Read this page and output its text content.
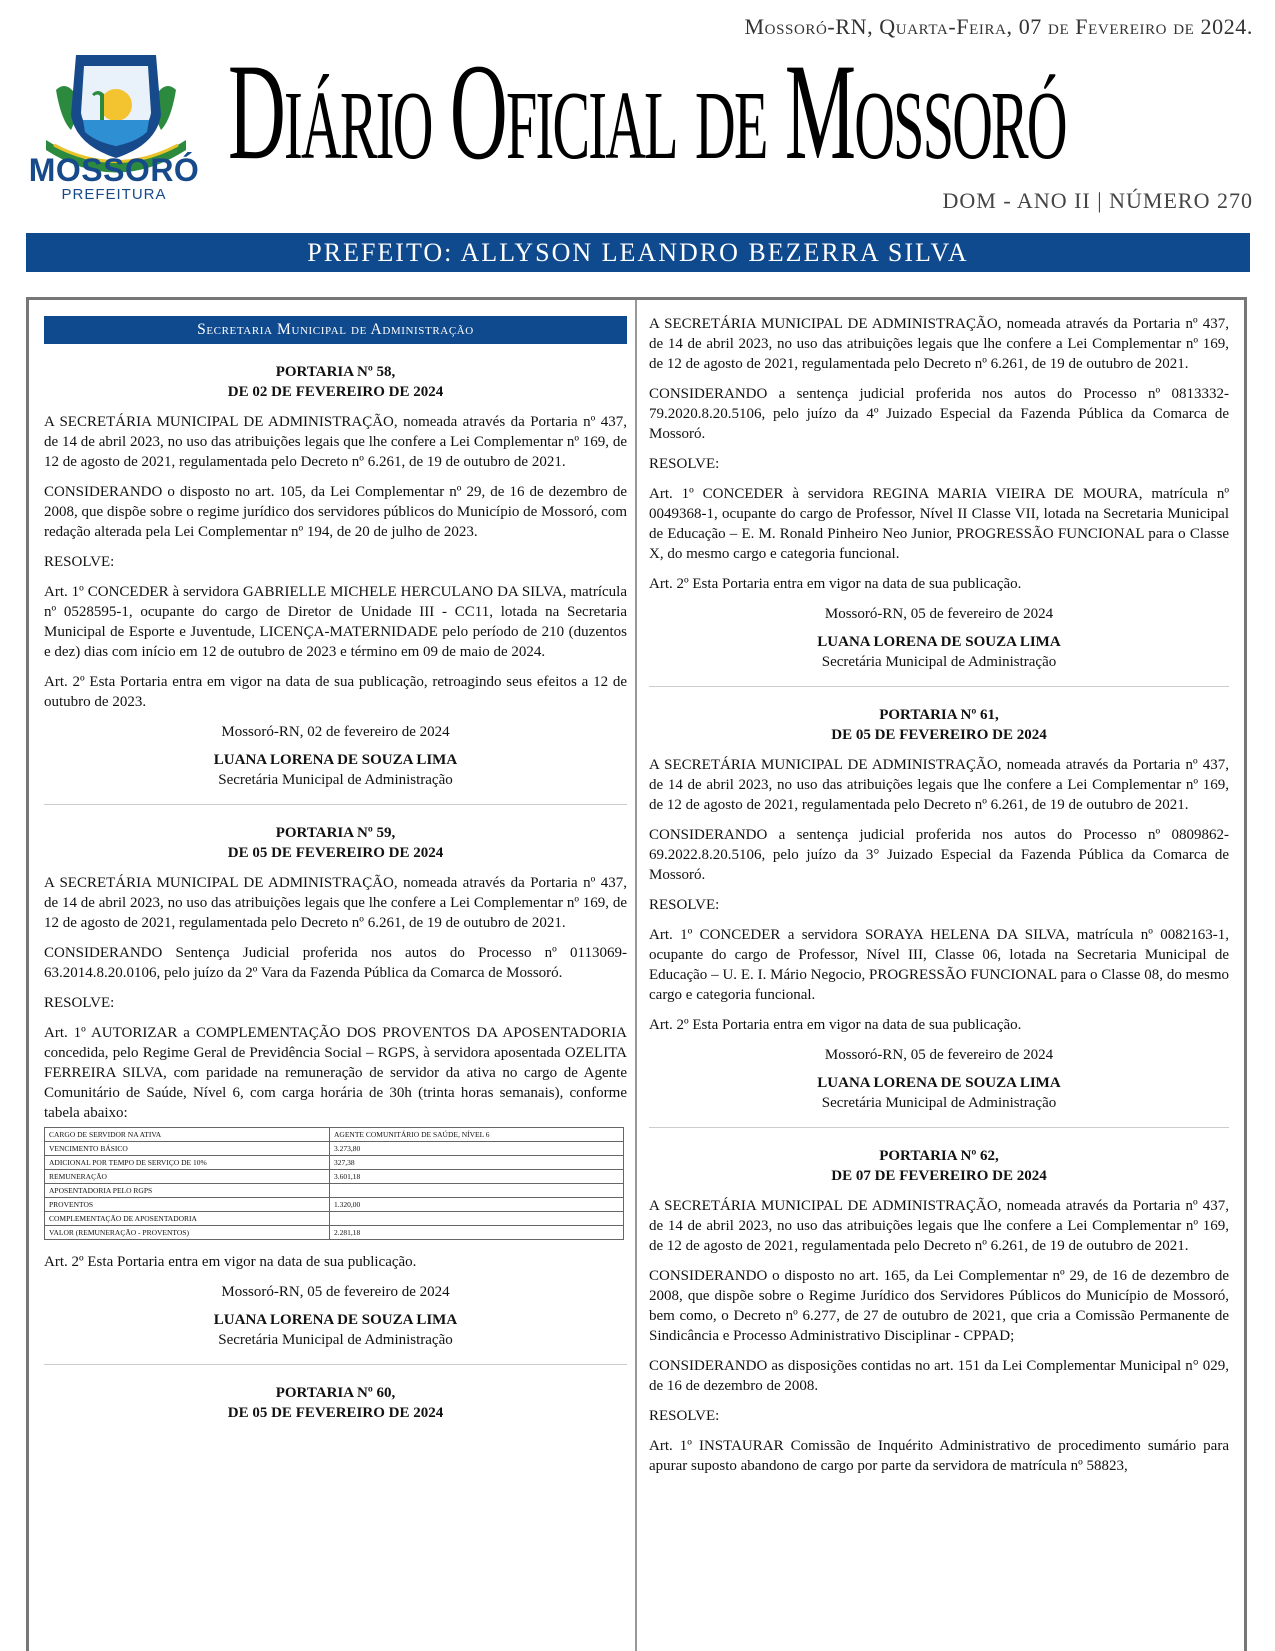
Mossoró-RN, Quarta-Feira, 07 de Fevereiro de 2024.
MOSSORÓ
PREFEITURA
Diário Oficial de Mossoró
DOM - ANO II | NÚMERO 270
PREFEITO: ALLYSON LEANDRO BEZERRA SILVA
Secretaria Municipal de Administração
PORTARIA Nº 58,
DE 02 DE FEVEREIRO DE 2024

A SECRETÁRIA MUNICIPAL DE ADMINISTRAÇÃO, nomeada através da Portaria nº 437, de 14 de abril 2023, no uso das atribuições legais que lhe confere a Lei Complementar nº 169, de 12 de agosto de 2021, regulamentada pelo Decreto nº 6.261, de 19 de outubro de 2021.

CONSIDERANDO o disposto no art. 105, da Lei Complementar nº 29, de 16 de dezembro de 2008, que dispõe sobre o regime jurídico dos servidores públicos do Município de Mossoró, com redação alterada pela Lei Complementar nº 194, de 20 de julho de 2023.

RESOLVE:

Art. 1º CONCEDER à servidora GABRIELLE MICHELE HERCULANO DA SILVA, matrícula nº 0528595-1, ocupante do cargo de Diretor de Unidade III - CC11, lotada na Secretaria Municipal de Esporte e Juventude, LICENÇA-MATERNIDADE pelo período de 210 (duzentos e dez) dias com início em 12 de outubro de 2023 e término em 09 de maio de 2024.

Art. 2º Esta Portaria entra em vigor na data de sua publicação, retroagindo seus efeitos a 12 de outubro de 2023.

Mossoró-RN, 02 de fevereiro de 2024
LUANA LORENA DE SOUZA LIMA
Secretária Municipal de Administração
PORTARIA Nº 59,
DE 05 DE FEVEREIRO DE 2024

A SECRETÁRIA MUNICIPAL DE ADMINISTRAÇÃO, nomeada através da Portaria nº 437, de 14 de abril 2023, no uso das atribuições legais que lhe confere a Lei Complementar nº 169, de 12 de agosto de 2021, regulamentada pelo Decreto nº 6.261, de 19 de outubro de 2021.

CONSIDERANDO Sentença Judicial proferida nos autos do Processo nº 0113069-63.2014.8.20.0106, pelo juízo da 2º Vara da Fazenda Pública da Comarca de Mossoró.

RESOLVE:

Art. 1º AUTORIZAR a COMPLEMENTAÇÃO DOS PROVENTOS DA APOSENTADORIA concedida, pelo Regime Geral de Previdência Social – RGPS, à servidora aposentada OZELITA FERREIRA SILVA, com paridade na remuneração de servidor da ativa no cargo de Agente Comunitário de Saúde, Nível 6, com carga horária de 30h (trinta horas semanais), conforme tabela abaixo:

CARGO DE SERVIDOR NA ATIVA	AGENTE COMUNITÁRIO DE SAÚDE, NÍVEL 6
VENCIMENTO BÁSICO	3.273,80
ADICIONAL POR TEMPO DE SERVIÇO DE 10%	327,38
REMUNERAÇÃO	3.601,18
APOSENTADORIA PELO RGPS	
PROVENTOS	1.320,00
COMPLEMENTAÇÃO DE APOSENTADORIA	
VALOR (REMUNERAÇÃO - PROVENTOS)	2.281,18

Art. 2º Esta Portaria entra em vigor na data de sua publicação.

Mossoró-RN, 05 de fevereiro de 2024
LUANA LORENA DE SOUZA LIMA
Secretária Municipal de Administração
PORTARIA Nº 60,
DE 05 DE FEVEREIRO DE 2024

A SECRETÁRIA MUNICIPAL DE ADMINISTRAÇÃO, nomeada através da Portaria nº 437, de 14 de abril 2023, no uso das atribuições legais que lhe confere a Lei Complementar nº 169, de 12 de agosto de 2021, regulamentada pelo Decreto nº 6.261, de 19 de outubro de 2021.

CONSIDERANDO a sentença judicial proferida nos autos do Processo nº 0813332-79.2020.8.20.5106, pelo juízo da 4º Juizado Especial da Fazenda Pública da Comarca de Mossoró.

RESOLVE:

Art. 1º CONCEDER à servidora REGINA MARIA VIEIRA DE MOURA, matrícula nº 0049368-1, ocupante do cargo de Professor, Nível II Classe VII, lotada na Secretaria Municipal de Educação – E. M. Ronald Pinheiro Neo Junior, PROGRESSÃO FUNCIONAL para o Classe X, do mesmo cargo e categoria funcional.

Art. 2º Esta Portaria entra em vigor na data de sua publicação.

Mossoró-RN, 05 de fevereiro de 2024
LUANA LORENA DE SOUZA LIMA
Secretária Municipal de Administração
PORTARIA Nº 61,
DE 05 DE FEVEREIRO DE 2024

A SECRETÁRIA MUNICIPAL DE ADMINISTRAÇÃO, nomeada através da Portaria nº 437, de 14 de abril 2023, no uso das atribuições legais que lhe confere a Lei Complementar nº 169, de 12 de agosto de 2021, regulamentada pelo Decreto nº 6.261, de 19 de outubro de 2021.

CONSIDERANDO a sentença judicial proferida nos autos do Processo nº 0809862-69.2022.8.20.5106, pelo juízo da 3° Juizado Especial da Fazenda Pública da Comarca de Mossoró.

RESOLVE:

Art. 1º CONCEDER a servidora SORAYA HELENA DA SILVA, matrícula nº 0082163-1, ocupante do cargo de Professor, Nível III, Classe 06, lotada na Secretaria Municipal de Educação – U. E. I. Mário Negocio, PROGRESSÃO FUNCIONAL para o Classe 08, do mesmo cargo e categoria funcional.

Art. 2º Esta Portaria entra em vigor na data de sua publicação.

Mossoró-RN, 05 de fevereiro de 2024
LUANA LORENA DE SOUZA LIMA
Secretária Municipal de Administração
PORTARIA Nº 62,
DE 07 DE FEVEREIRO DE 2024

A SECRETÁRIA MUNICIPAL DE ADMINISTRAÇÃO, nomeada através da Portaria nº 437, de 14 de abril 2023, no uso das atribuições legais que lhe confere a Lei Complementar nº 169, de 12 de agosto de 2021, regulamentada pelo Decreto nº 6.261, de 19 de outubro de 2021.

CONSIDERANDO o disposto no art. 165, da Lei Complementar nº 29, de 16 de dezembro de 2008, que dispõe sobre o Regime Jurídico dos Servidores Públicos do Município de Mossoró, bem como, o Decreto nº 6.277, de 27 de outubro de 2021, que cria a Comissão Permanente de Sindicância e Processo Administrativo Disciplinar - CPPAD;

CONSIDERANDO as disposições contidas no art. 151 da Lei Complementar Municipal n° 029, de 16 de dezembro de 2008.

RESOLVE:

Art. 1º INSTAURAR Comissão de Inquérito Administrativo de procedimento sumário para apurar suposto abandono de cargo por parte da servidora de matrícula nº 58823,
